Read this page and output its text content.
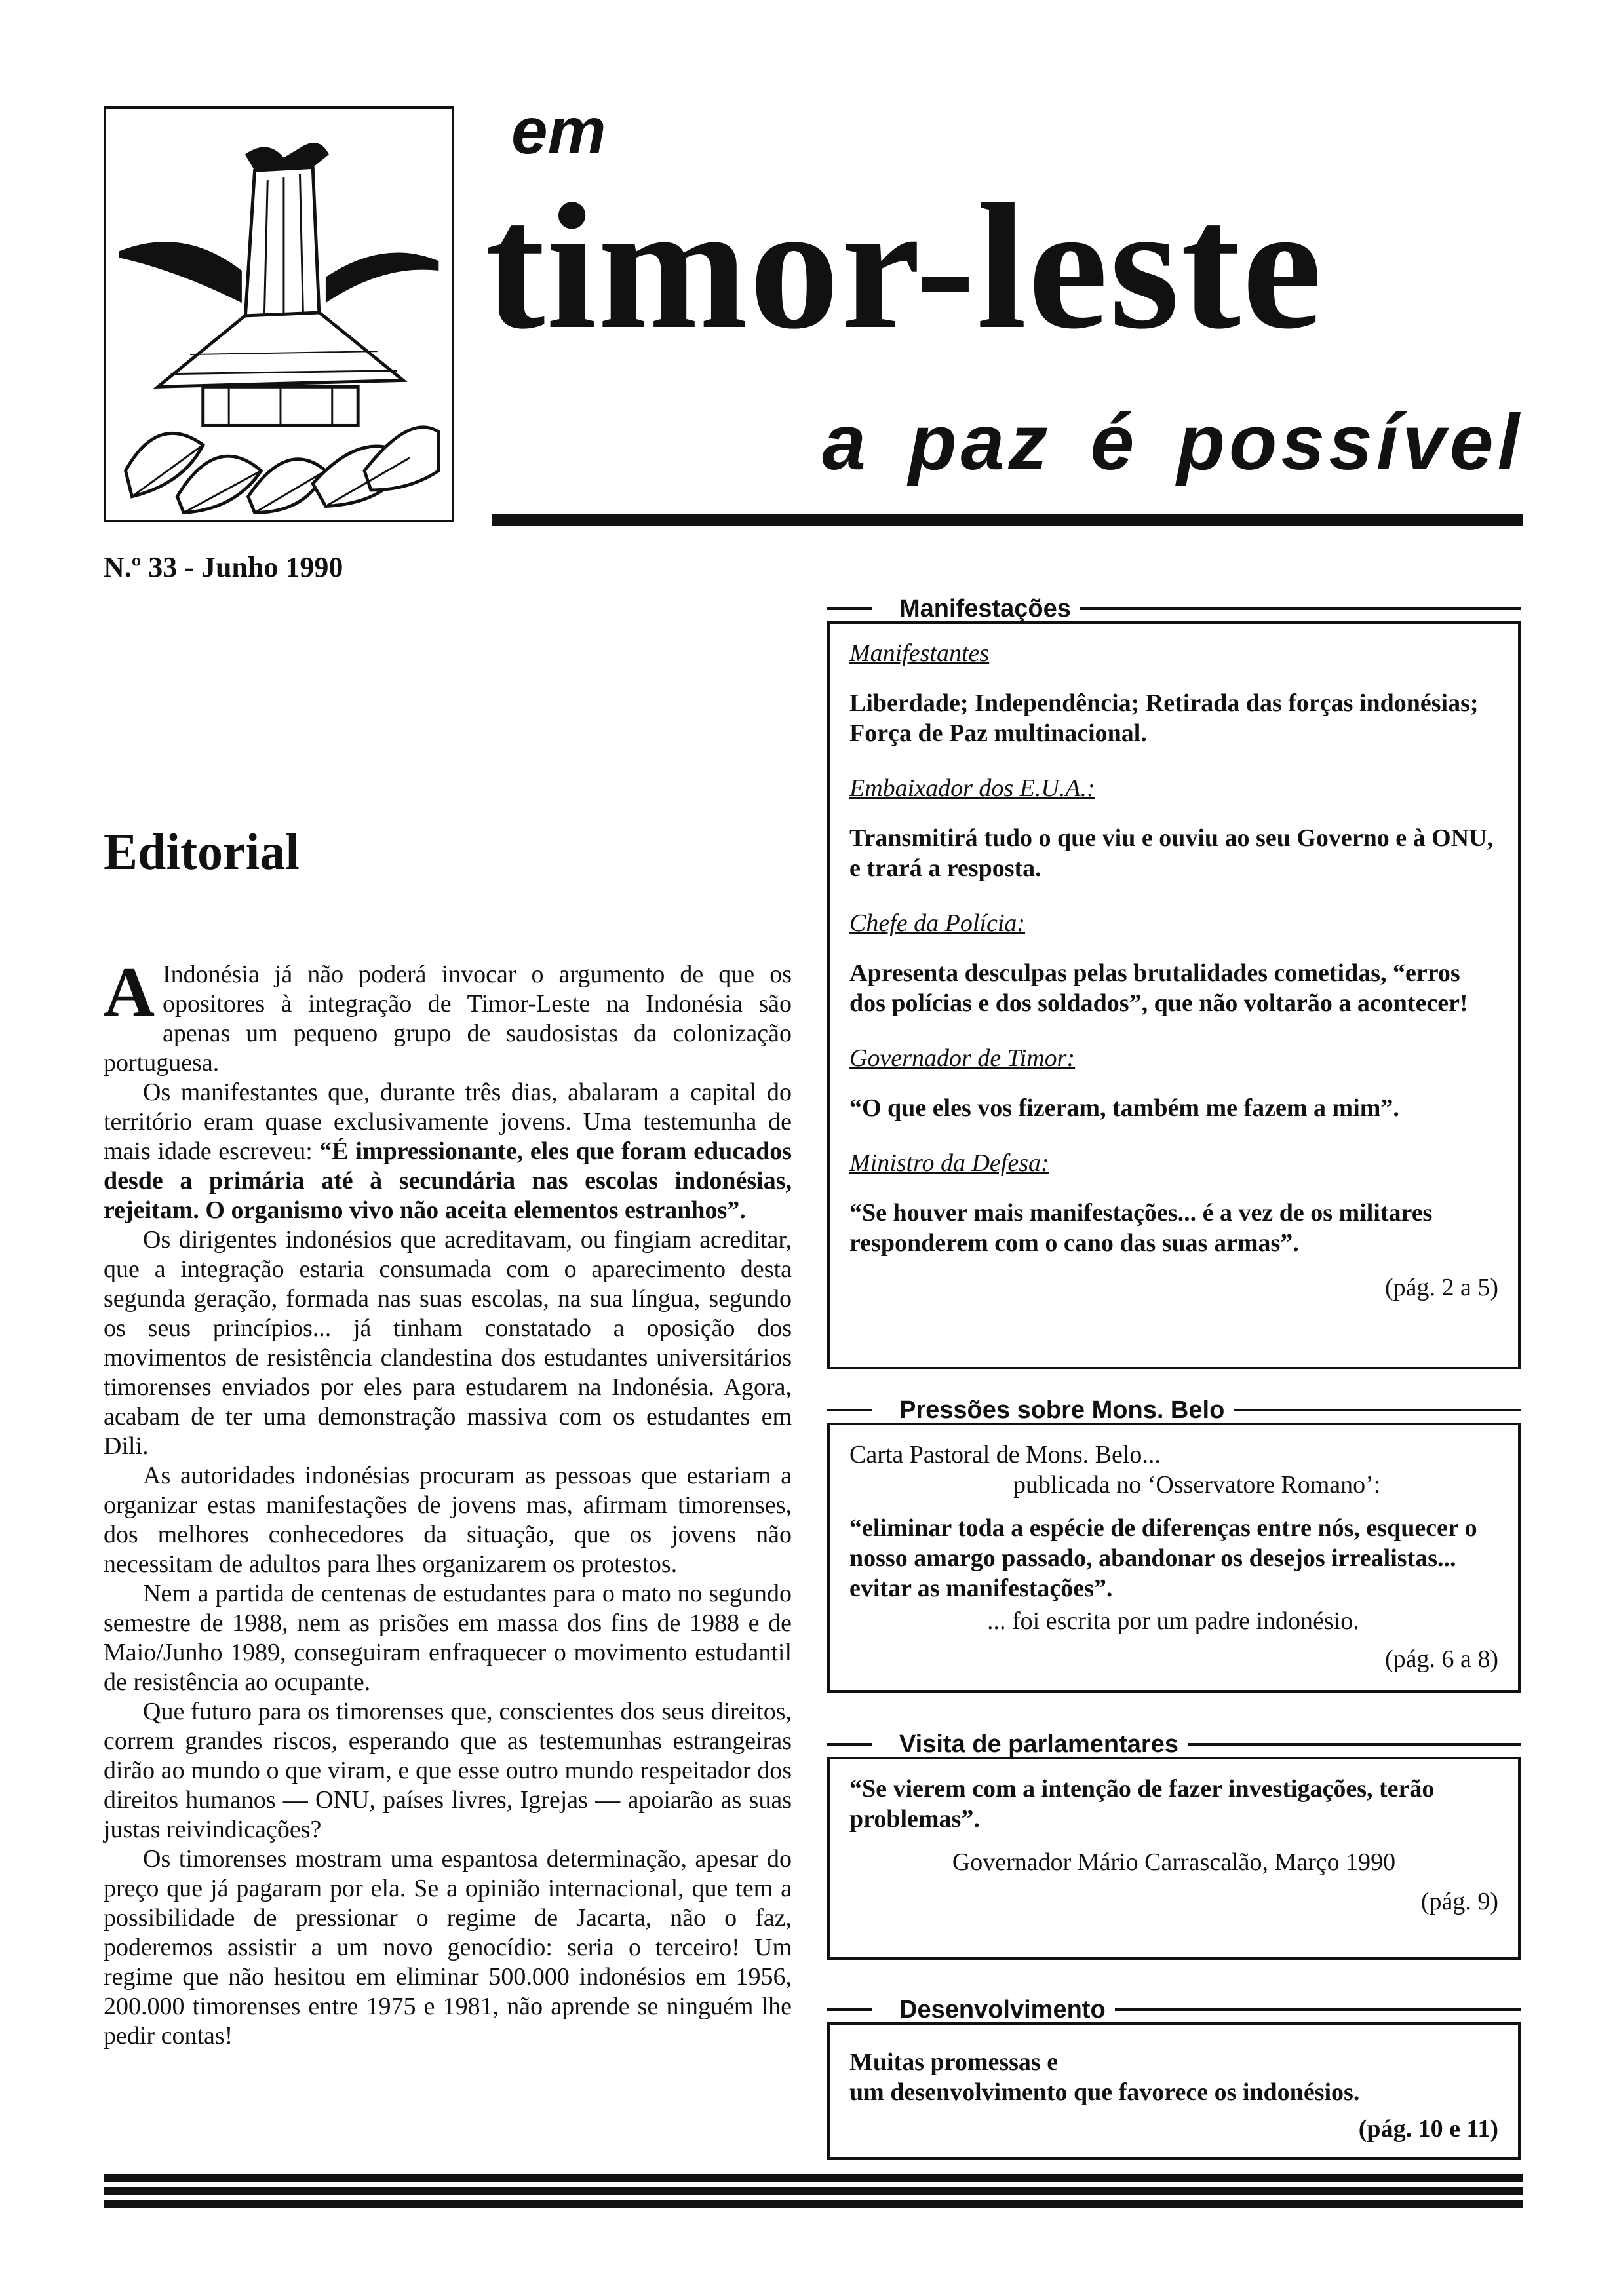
em
timor-leste
a paz é possível
N.º 33 - Junho 1990
Editorial

A Indonésia já não poderá invocar o argumento de que os opositores à integração de Timor-Leste na Indonésia são apenas um pequeno grupo de saudosistas da colonização portuguesa.

Os manifestantes que, durante três dias, abalaram a capital do território eram quase exclusivamente jovens. Uma testemunha de mais idade escreveu: “É impressionante, eles que foram educados desde a primária até à secundária nas escolas indonésias, rejeitam. O organismo vivo não aceita elementos estranhos”.

Os dirigentes indonésios que acreditavam, ou fingiam acreditar, que a integração estaria consumada com o aparecimento desta segunda geração, formada nas suas escolas, na sua língua, segundo os seus princípios... já tinham constatado a oposição dos movimentos de resistência clandestina dos estudantes universitários timorenses enviados por eles para estudarem na Indonésia. Agora, acabam de ter uma demonstração massiva com os estudantes em Dili.

As autoridades indonésias procuram as pessoas que estariam a organizar estas manifestações de jovens mas, afirmam timorenses, dos melhores conhecedores da situação, que os jovens não necessitam de adultos para lhes organizarem os protestos.

Nem a partida de centenas de estudantes para o mato no segundo semestre de 1988, nem as prisões em massa dos fins de 1988 e de Maio/Junho 1989, conseguiram enfraquecer o movimento estudantil de resistência ao ocupante.

Que futuro para os timorenses que, conscientes dos seus direitos, correm grandes riscos, esperando que as testemunhas estrangeiras dirão ao mundo o que viram, e que esse outro mundo respeitador dos direitos humanos — ONU, países livres, Igrejas — apoiarão as suas justas reivindicações?

Os timorenses mostram uma espantosa determinação, apesar do preço que já pagaram por ela. Se a opinião internacional, que tem a possibilidade de pressionar o regime de Jacarta, não o faz, poderemos assistir a um novo genocídio: seria o terceiro! Um regime que não hesitou em eliminar 500.000 indonésios em 1956, 200.000 timorenses entre 1975 e 1981, não aprende se ninguém lhe pedir contas!

Manifestações

Manifestantes

Liberdade; Independência; Retirada das forças indonésias; Força de Paz multinacional.

Embaixador dos E.U.A.:

Transmitirá tudo o que viu e ouviu ao seu Governo e à ONU, e trará a resposta.

Chefe da Polícia:

Apresenta desculpas pelas brutalidades cometidas, “erros dos polícias e dos soldados”, que não voltarão a acontecer!

Governador de Timor:

“O que eles vos fizeram, também me fazem a mim”.

Ministro da Defesa:

“Se houver mais manifestações... é a vez de os militares responderem com o cano das suas armas”.

(pág. 2 a 5)

Pressões sobre Mons. Belo

Carta Pastoral de Mons. Belo...

publicada no ‘Osservatore Romano’:

“eliminar toda a espécie de diferenças entre nós, esquecer o nosso amargo passado, abandonar os desejos irrealistas... evitar as manifestações”.

... foi escrita por um padre indonésio.

(pág. 6 a 8)

Visita de parlamentares

“Se vierem com a intenção de fazer investigações, terão problemas”.

Governador Mário Carrascalão, Março 1990

(pág. 9)

Desenvolvimento

Muitas promessas e

um desenvolvimento que favorece os indonésios.

(pág. 10 e 11)
